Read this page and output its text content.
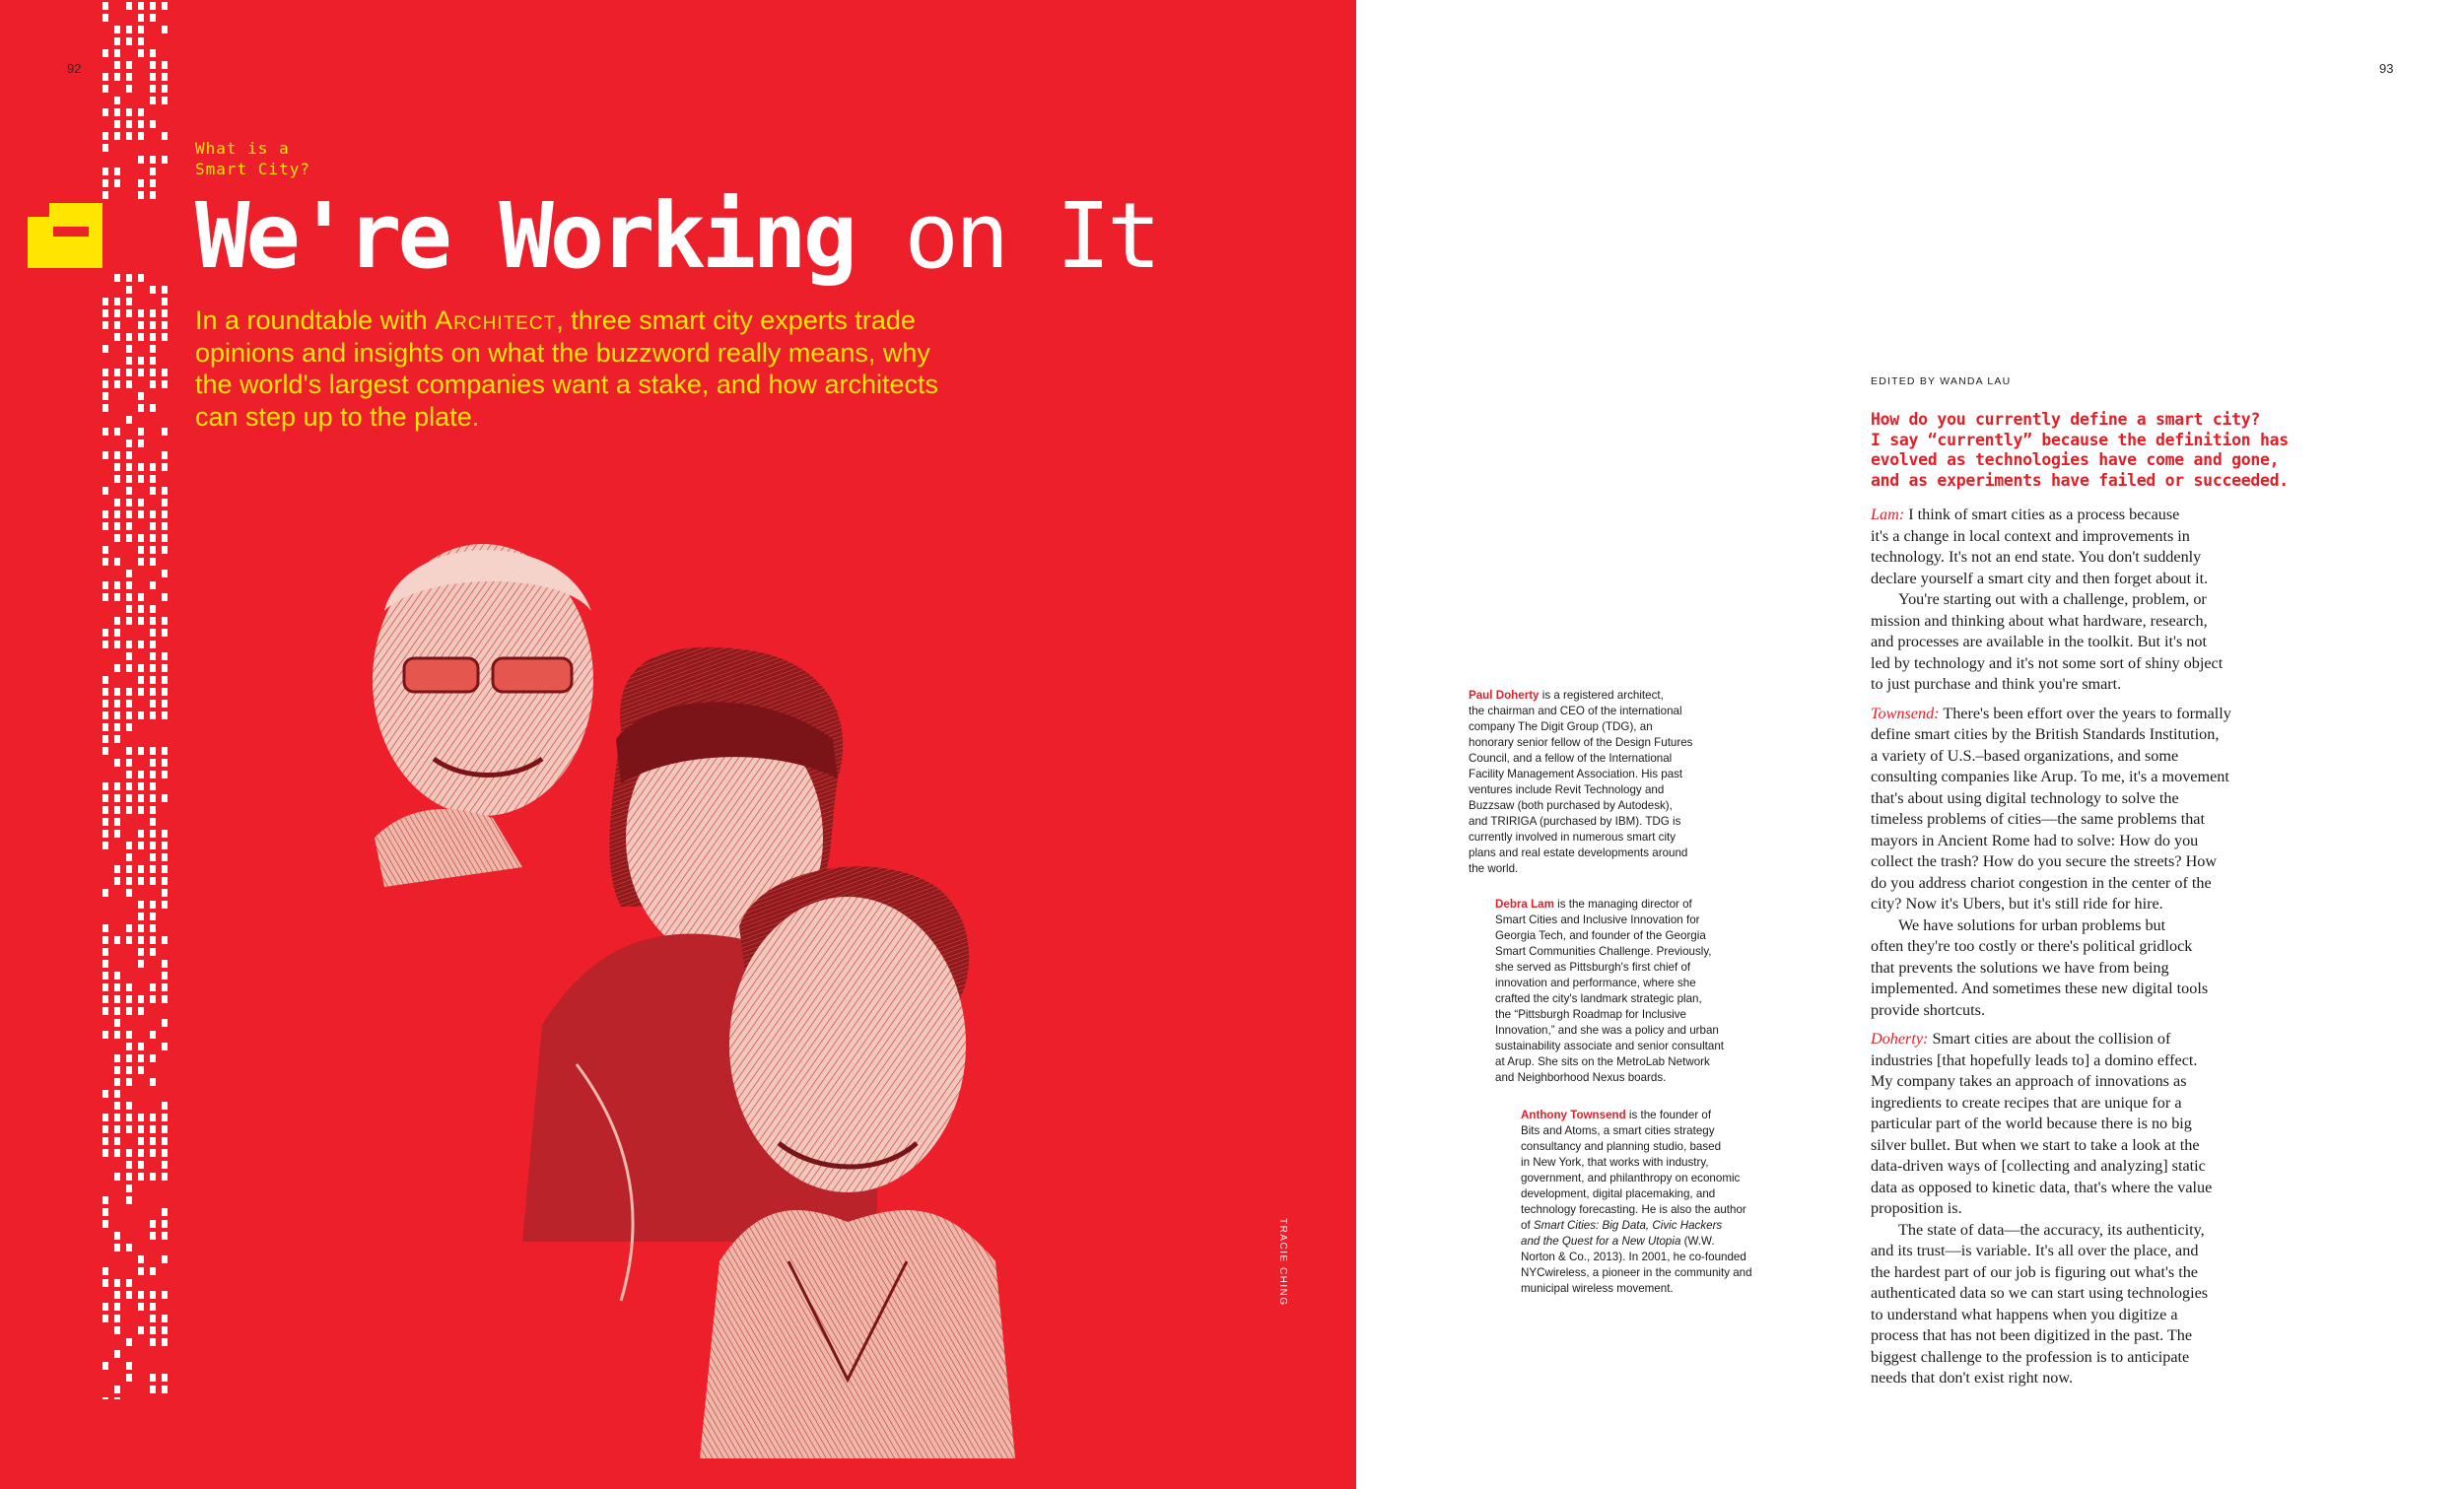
92
What is a
Smart City?
We're Working on It
In a roundtable with Architect, three smart city experts trade
opinions and insights on what the buzzword really means, why
the world's largest companies want a stake, and how architects
can step up to the plate.
TRACIE CHING
93
Paul Doherty is a registered architect,
the chairman and CEO of the international
company The Digit Group (TDG), an
honorary senior fellow of the Design Futures
Council, and a fellow of the International
Facility Management Association. His past
ventures include Revit Technology and
Buzzsaw (both purchased by Autodesk),
and TRIRIGA (purchased by IBM). TDG is
currently involved in numerous smart city
plans and real estate developments around
the world.
Debra Lam is the managing director of
Smart Cities and Inclusive Innovation for
Georgia Tech, and founder of the Georgia
Smart Communities Challenge. Previously,
she served as Pittsburgh's first chief of
innovation and performance, where she
crafted the city's landmark strategic plan,
the “Pittsburgh Roadmap for Inclusive
Innovation,” and she was a policy and urban
sustainability associate and senior consultant
at Arup. She sits on the MetroLab Network
and Neighborhood Nexus boards.
Anthony Townsend is the founder of
Bits and Atoms, a smart cities strategy
consultancy and planning studio, based
in New York, that works with industry,
government, and philanthropy on economic
development, digital placemaking, and
technology forecasting. He is also the author
of Smart Cities: Big Data, Civic Hackers
and the Quest for a New Utopia (W.W.
Norton & Co., 2013). In 2001, he co-founded
NYCwireless, a pioneer in the community and
municipal wireless movement.
EDITED BY WANDA LAU
How do you currently define a smart city?
I say “currently” because the definition has
evolved as technologies have come and gone,
and as experiments have failed or succeeded.

Lam: I think of smart cities as a process because
it's a change in local context and improvements in
technology. It's not an end state. You don't suddenly
declare yourself a smart city and then forget about it.

You're starting out with a challenge, problem, or
mission and thinking about what hardware, research,
and processes are available in the toolkit. But it's not
led by technology and it's not some sort of shiny object
to just purchase and think you're smart.

Townsend: There's been effort over the years to formally
define smart cities by the British Standards Institution,
a variety of U.S.–based organizations, and some
consulting companies like Arup. To me, it's a movement
that's about using digital technology to solve the
timeless problems of cities—the same problems that
mayors in Ancient Rome had to solve: How do you
collect the trash? How do you secure the streets? How
do you address chariot congestion in the center of the
city? Now it's Ubers, but it's still ride for hire.

We have solutions for urban problems but
often they're too costly or there's political gridlock
that prevents the solutions we have from being
implemented. And sometimes these new digital tools
provide shortcuts.

Doherty: Smart cities are about the collision of
industries [that hopefully leads to] a domino effect.
My company takes an approach of innovations as
ingredients to create recipes that are unique for a
particular part of the world because there is no big
silver bullet. But when we start to take a look at the
data-driven ways of [collecting and analyzing] static
data as opposed to kinetic data, that's where the value
proposition is.

The state of data—the accuracy, its authenticity,
and its trust—is variable. It's all over the place, and
the hardest part of our job is figuring out what's the
authenticated data so we can start using technologies
to understand what happens when you digitize a
process that has not been digitized in the past. The
biggest challenge to the profession is to anticipate
needs that don't exist right now.
